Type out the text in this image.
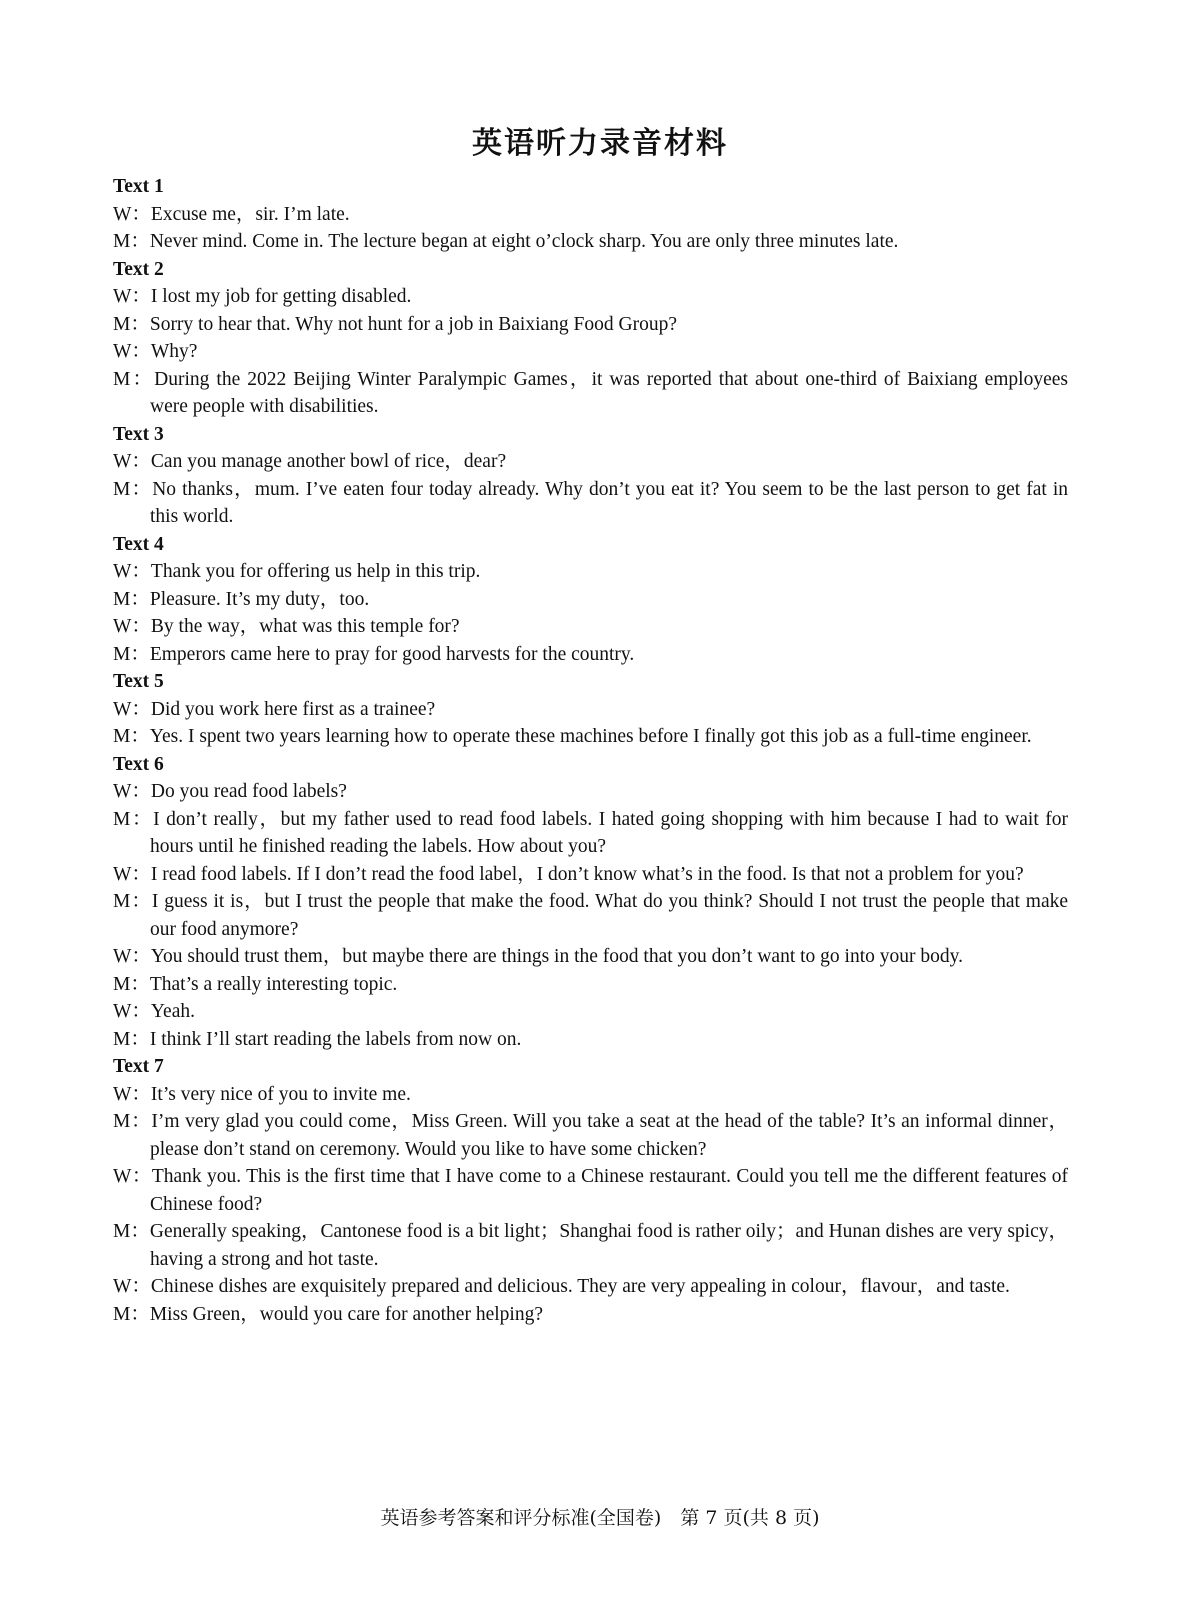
英语听力录音材料
Text 1
W：Excuse me，sir. I’m late.
M：Never mind. Come in. The lecture began at eight o’clock sharp. You are only three minutes late.
Text 2
W：I lost my job for getting disabled.
M：Sorry to hear that. Why not hunt for a job in Baixiang Food Group?
W：Why?
M：During the 2022 Beijing Winter Paralympic Games，it was reported that about one-third of Baixiang employees were people with disabilities.
Text 3
W：Can you manage another bowl of rice，dear?
M：No thanks，mum. I’ve eaten four today already. Why don’t you eat it? You seem to be the last person to get fat in this world.
Text 4
W：Thank you for offering us help in this trip.
M：Pleasure. It’s my duty，too.
W：By the way，what was this temple for?
M：Emperors came here to pray for good harvests for the country.
Text 5
W：Did you work here first as a trainee?
M：Yes. I spent two years learning how to operate these machines before I finally got this job as a full-time engineer.
Text 6
W：Do you read food labels?
M：I don’t really，but my father used to read food labels. I hated going shopping with him because I had to wait for hours until he finished reading the labels. How about you?
W：I read food labels. If I don’t read the food label，I don’t know what’s in the food. Is that not a problem for you?
M：I guess it is，but I trust the people that make the food. What do you think? Should I not trust the people that make our food anymore?
W：You should trust them，but maybe there are things in the food that you don’t want to go into your body.
M：That’s a really interesting topic.
W：Yeah.
M：I think I’ll start reading the labels from now on.
Text 7
W：It’s very nice of you to invite me.
M：I’m very glad you could come，Miss Green. Will you take a seat at the head of the table? It’s an informal dinner，please don’t stand on ceremony. Would you like to have some chicken?
W：Thank you. This is the first time that I have come to a Chinese restaurant. Could you tell me the different features of Chinese food?
M：Generally speaking，Cantonese food is a bit light；Shanghai food is rather oily；and Hunan dishes are very spicy，having a strong and hot taste.
W：Chinese dishes are exquisitely prepared and delicious. They are very appealing in colour，flavour，and taste.
M：Miss Green，would you care for another helping?
英语参考答案和评分标准(全国卷)　第 7 页(共 8 页)
